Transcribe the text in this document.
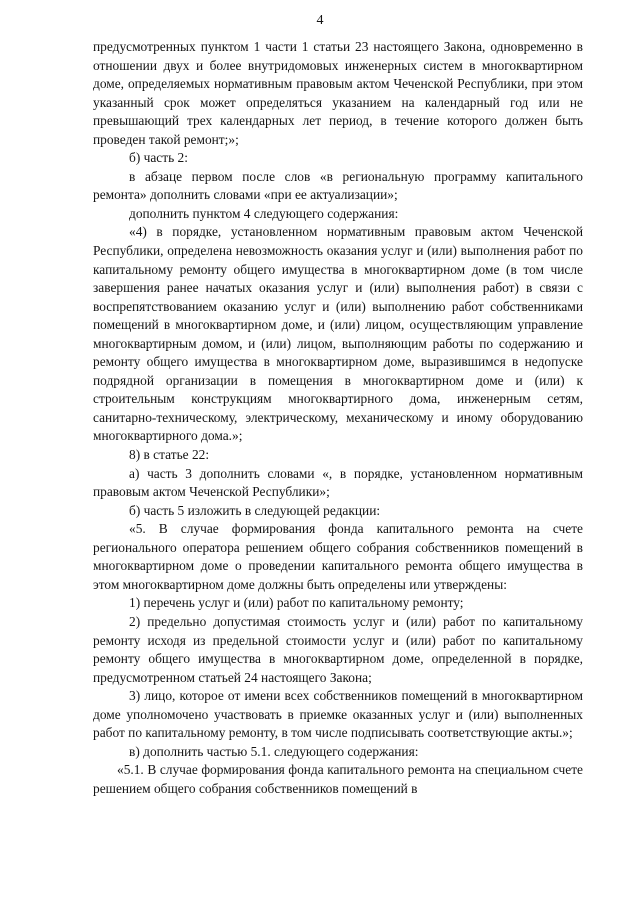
4

предусмотренных пунктом 1 части 1 статьи 23 настоящего Закона, одновременно в отношении двух и более внутридомовых инженерных систем в многоквартирном доме, определяемых нормативным правовым актом Чеченской Республики, при этом указанный срок может определяться указанием на календарный год или не превышающий трех календарных лет период, в течение которого должен быть проведен такой ремонт;»;

б) часть 2:

в абзаце первом после слов «в региональную программу капитального ремонта» дополнить словами «при ее актуализации»;

дополнить пунктом 4 следующего содержания:

«4) в порядке, установленном нормативным правовым актом Чеченской Республики, определена невозможность оказания услуг и (или) выполнения работ по капитальному ремонту общего имущества в многоквартирном доме (в том числе завершения ранее начатых оказания услуг и (или) выполнения работ) в связи с воспрепятствованием оказанию услуг и (или) выполнению работ собственниками помещений в многоквартирном доме, и (или) лицом, осуществляющим управление многоквартирным домом, и (или) лицом, выполняющим работы по содержанию и ремонту общего имущества в многоквартирном доме, выразившимся в недопуске подрядной организации в помещения в многоквартирном доме и (или) к строительным конструкциям многоквартирного дома, инженерным сетям, санитарно-техническому, электрическому, механическому и иному оборудованию многоквартирного дома.»;

8) в статье 22:

а) часть 3 дополнить словами «, в порядке, установленном нормативным правовым актом Чеченской Республики»;

б) часть 5 изложить в следующей редакции:

«5. В случае формирования фонда капитального ремонта на счете регионального оператора решением общего собрания собственников помещений в многоквартирном доме о проведении капитального ремонта общего имущества в этом многоквартирном доме должны быть определены или утверждены:

1) перечень услуг и (или) работ по капитальному ремонту;

2) предельно допустимая стоимость услуг и (или) работ по капитальному ремонту исходя из предельной стоимости услуг и (или) работ по капитальному ремонту общего имущества в многоквартирном доме, определенной в порядке, предусмотренном статьей 24 настоящего Закона;

3) лицо, которое от имени всех собственников помещений в многоквартирном доме уполномочено участвовать в приемке оказанных услуг и (или) выполненных работ по капитальному ремонту, в том числе подписывать соответствующие акты.»;

в) дополнить частью 5.1. следующего содержания:

«5.1. В случае формирования фонда капитального ремонта на специальном счете решением общего собрания собственников помещений в
